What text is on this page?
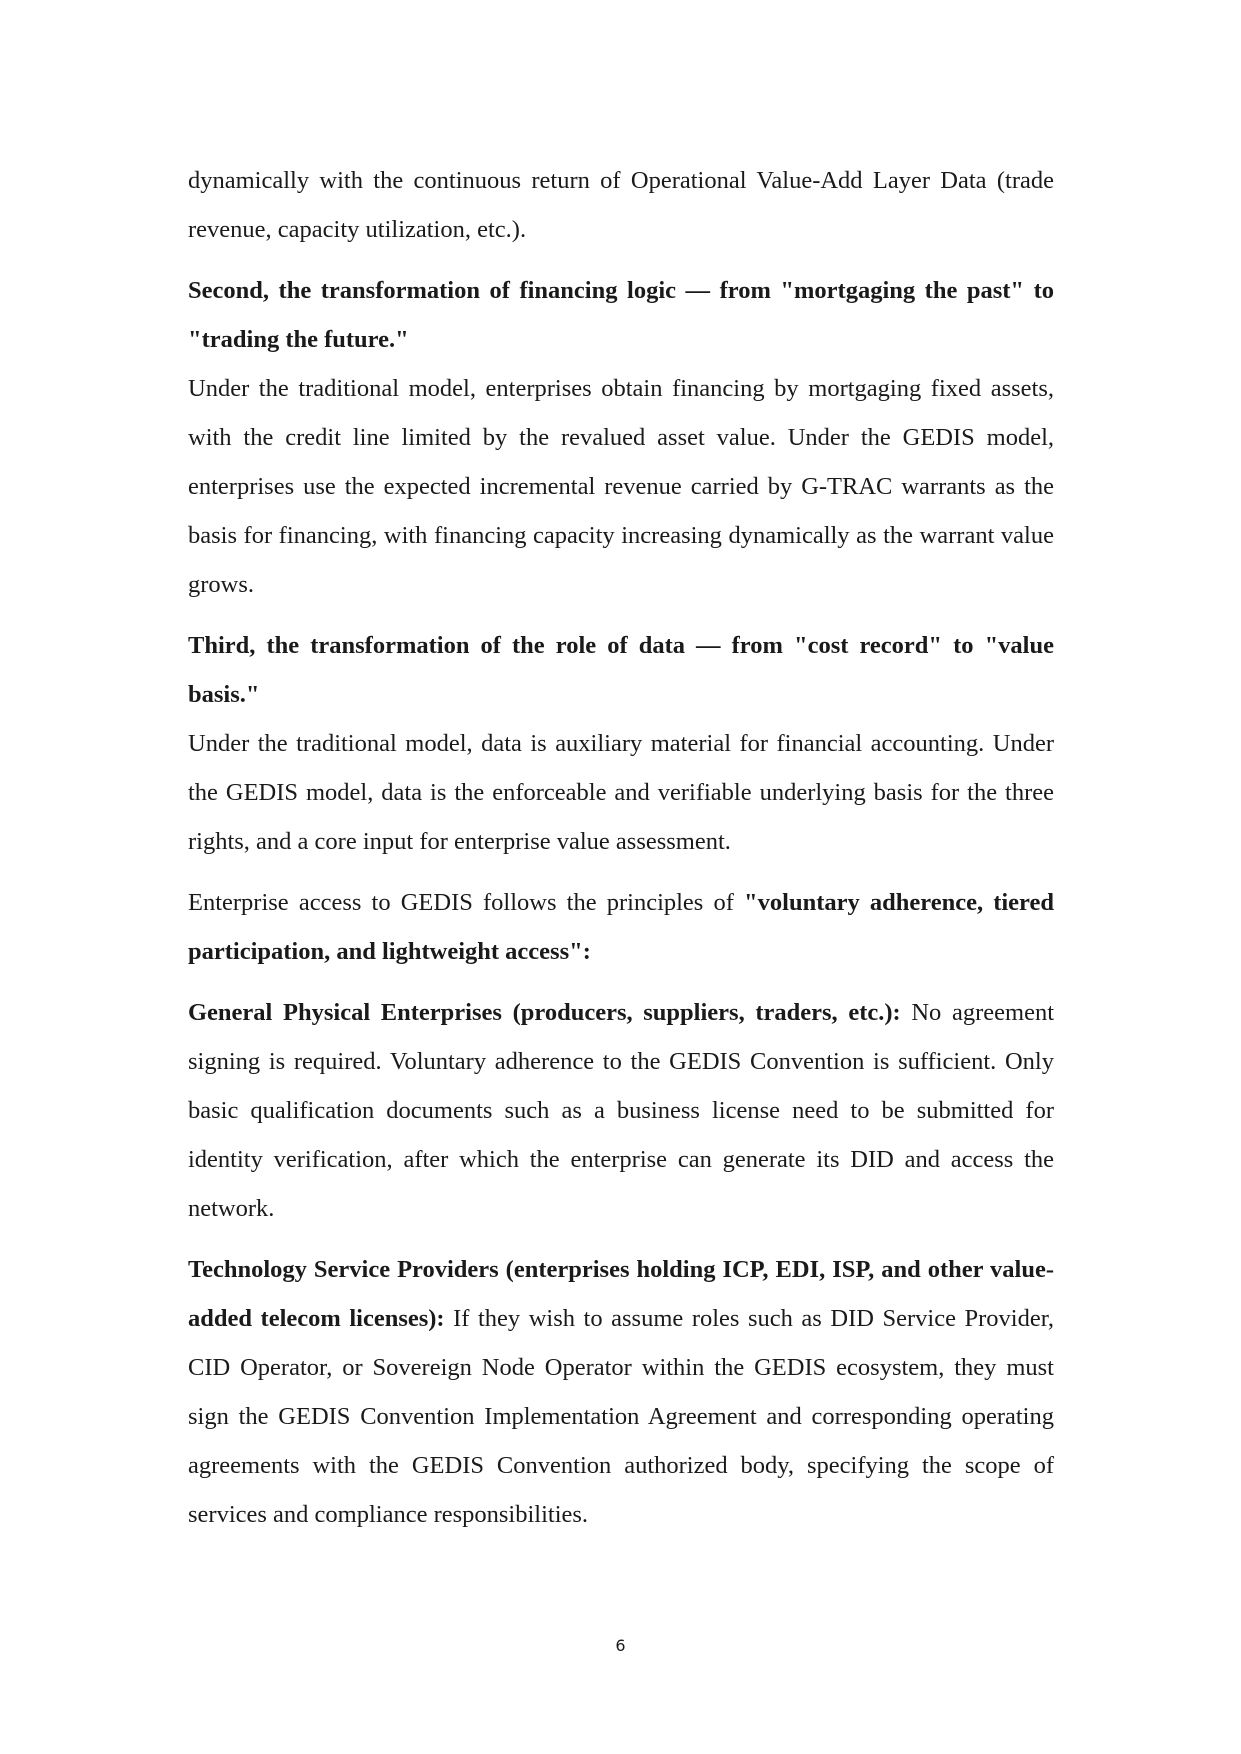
dynamically with the continuous return of Operational Value-Add Layer Data (trade revenue, capacity utilization, etc.).

Second, the transformation of financing logic — from "mortgaging the past" to "trading the future."

Under the traditional model, enterprises obtain financing by mortgaging fixed assets, with the credit line limited by the revalued asset value. Under the GEDIS model, enterprises use the expected incremental revenue carried by G-TRAC warrants as the basis for financing, with financing capacity increasing dynamically as the warrant value grows.

Third, the transformation of the role of data — from "cost record" to "value basis."

Under the traditional model, data is auxiliary material for financial accounting. Under the GEDIS model, data is the enforceable and verifiable underlying basis for the three rights, and a core input for enterprise value assessment.

Enterprise access to GEDIS follows the principles of "voluntary adherence, tiered participation, and lightweight access":

General Physical Enterprises (producers, suppliers, traders, etc.): No agreement signing is required. Voluntary adherence to the GEDIS Convention is sufficient. Only basic qualification documents such as a business license need to be submitted for identity verification, after which the enterprise can generate its DID and access the network.

Technology Service Providers (enterprises holding ICP, EDI, ISP, and other value-added telecom licenses): If they wish to assume roles such as DID Service Provider, CID Operator, or Sovereign Node Operator within the GEDIS ecosystem, they must sign the GEDIS Convention Implementation Agreement and corresponding operating agreements with the GEDIS Convention authorized body, specifying the scope of services and compliance responsibilities.

6
